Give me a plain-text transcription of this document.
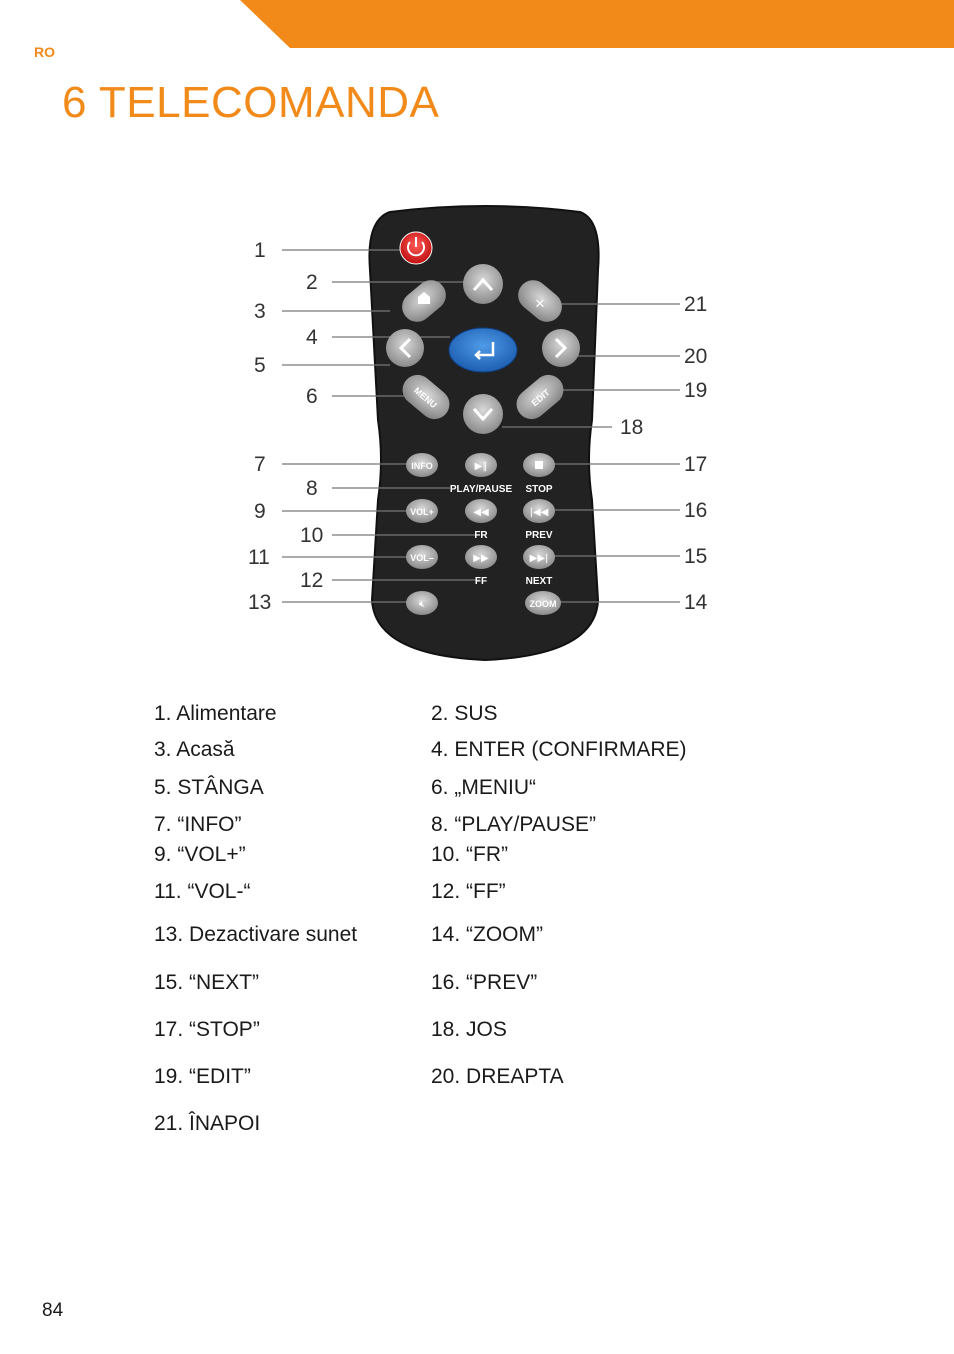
RO
6 TELECOMANDA
✕
MENU	EDIT
INFO	▶‖
PLAY/PAUSE STOP
VOL+	◀◀	|◀◀
FR	PREV
VOL–	▶▶	▶▶|
FF	NEXT
🔇︎	ZOOM
1
3
5
7
9
11
13
2
4
6
8
10
12
21
20
19
18
17
16
15
14
1. Alimentare	2. SUS
3. Acasă	4. ENTER (CONFIRMARE)
5. STÂNGA	6. „MENIU“
7. “INFO”	8. “PLAY/PAUSE”
9. “VOL+”	10. “FR”
11. “VOL-“	12. “FF”
13. Dezactivare sunet	14. “ZOOM”
15. “NEXT”	16. “PREV”
17. “STOP”	18. JOS
19. “EDIT”	20. DREAPTA
21. ÎNAPOI
84
